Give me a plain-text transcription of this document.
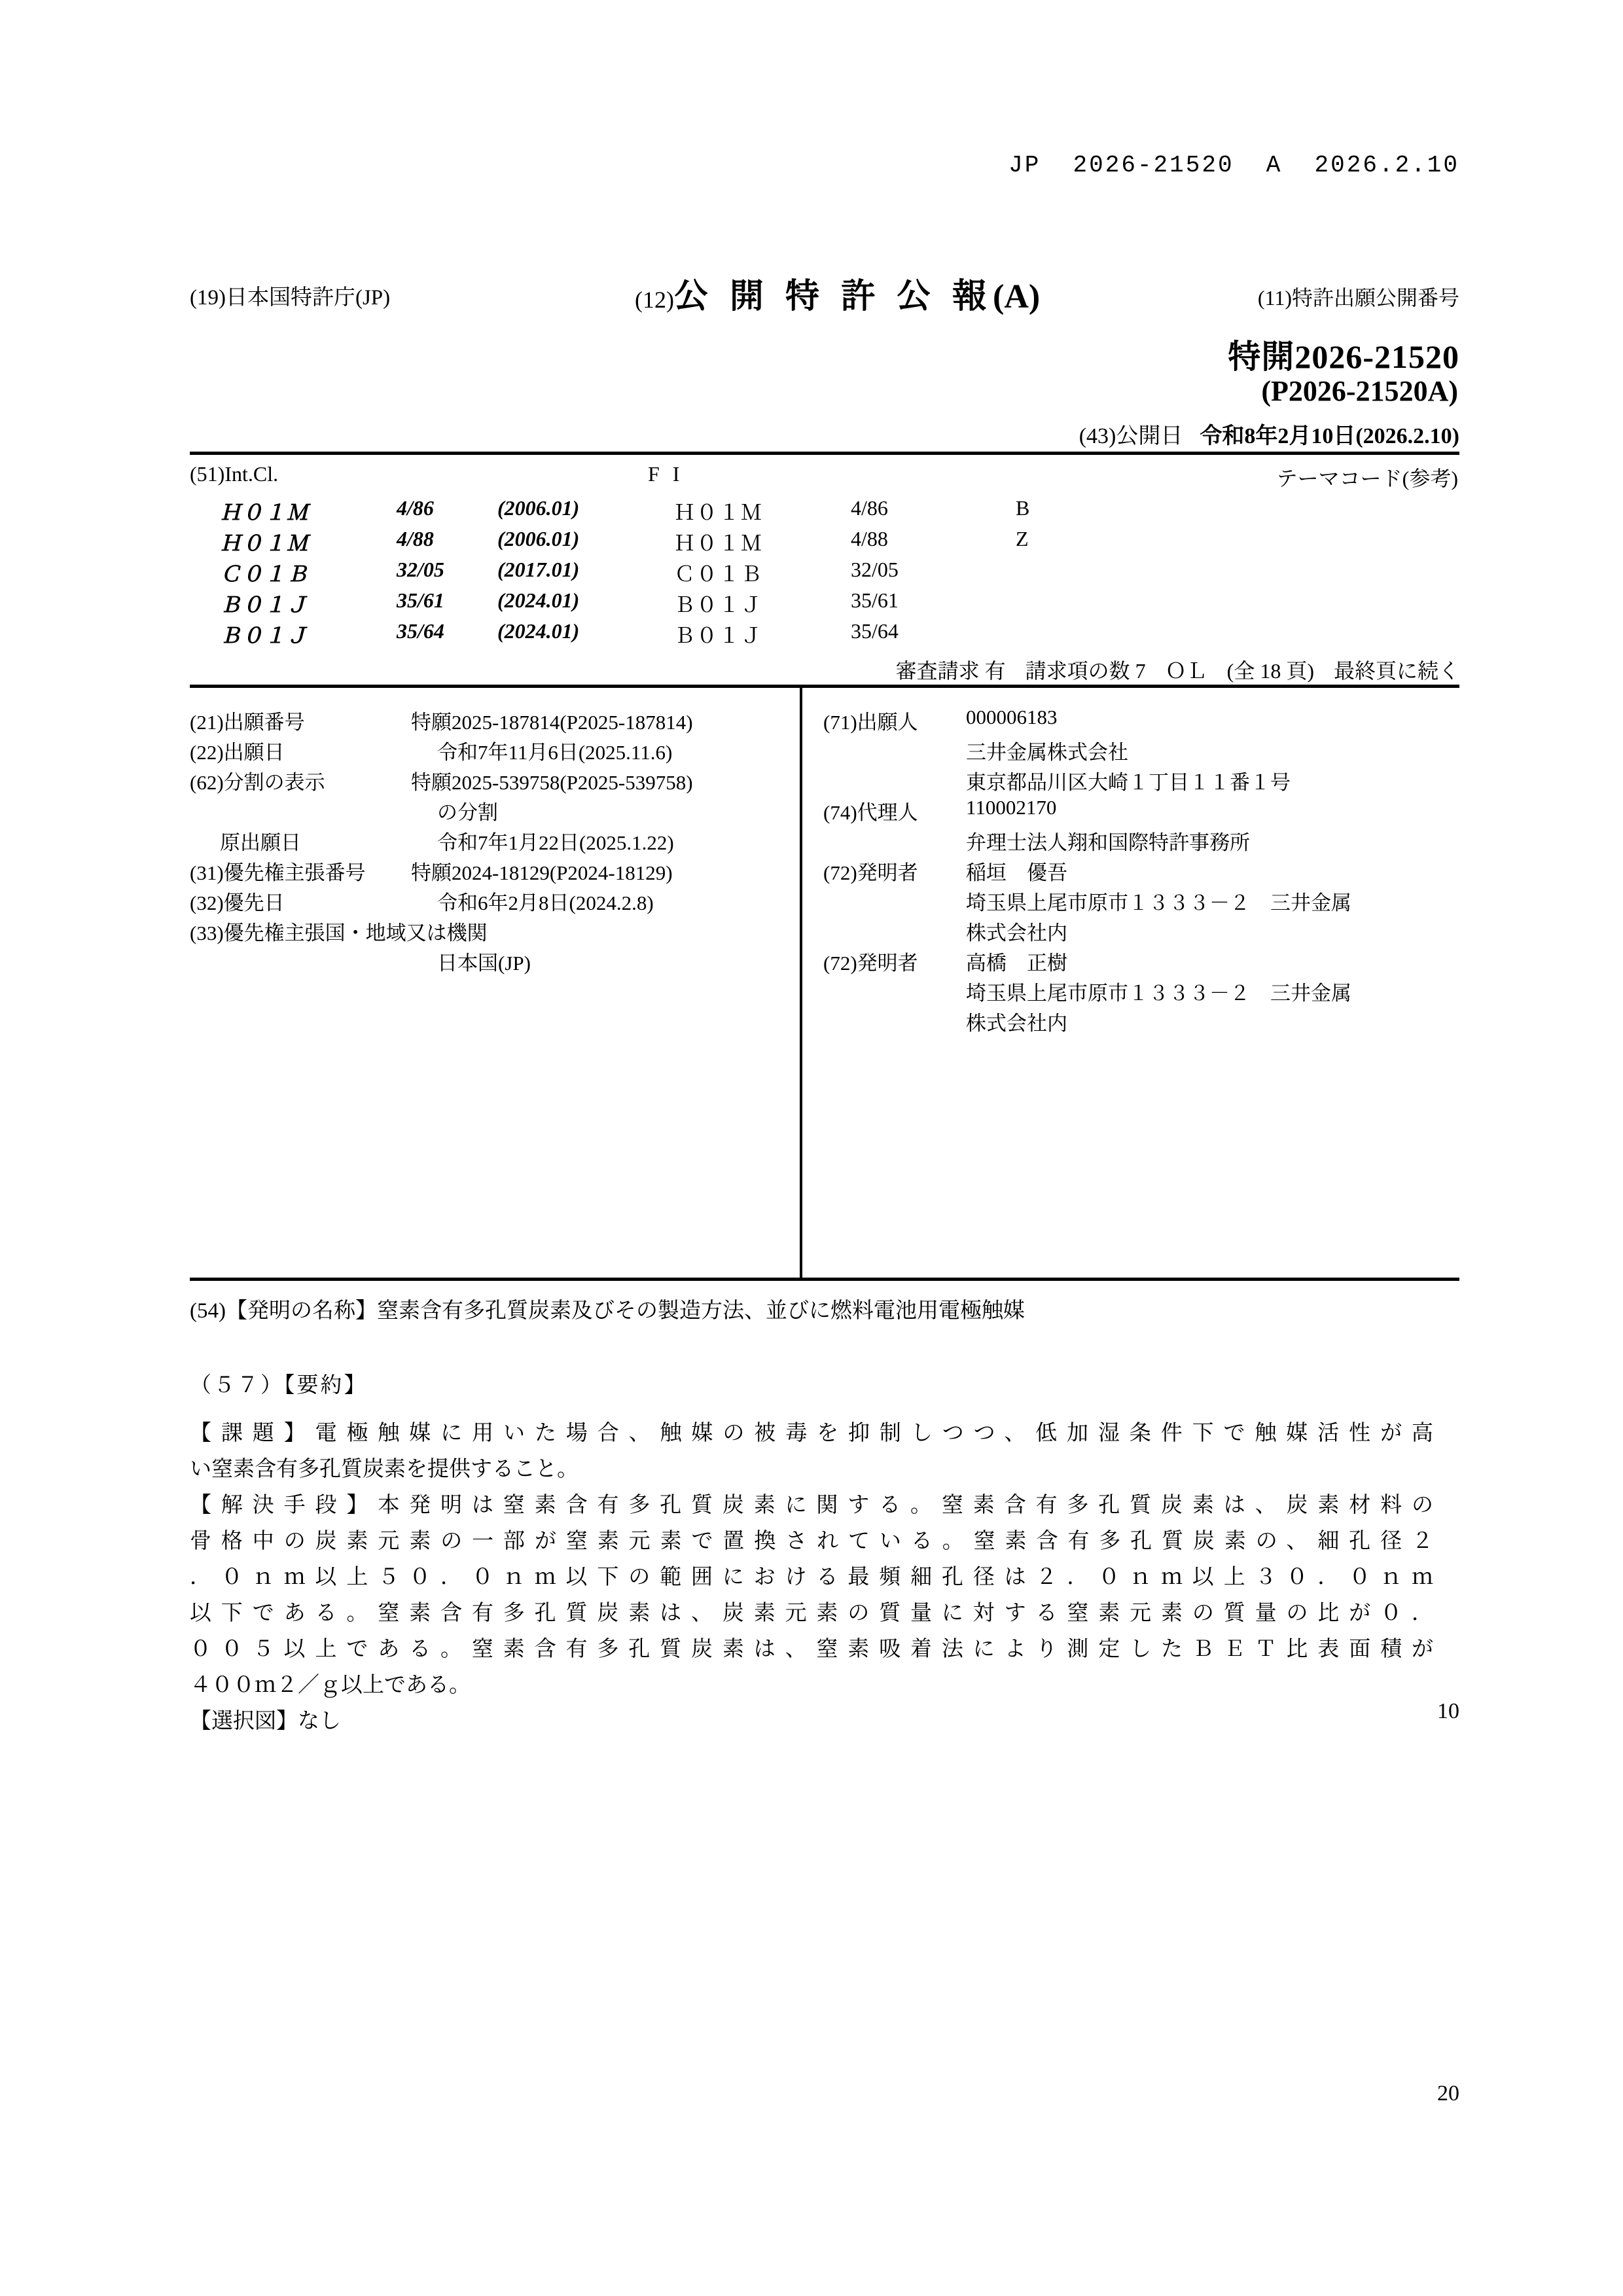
JP  2026-21520  A  2026.2.10
(19)日本国特許庁(JP)	(12)公 開 特 許 公 報(A)	(11)特許出願公開番号
特開2026-21520
(P2026-21520A)
(43)公開日 令和8年2月10日(2026.2.10)
(51)Int.Cl.	F I	テーマコード(参考)
Ｈ０１Ｍ	4/86	(2006.01)	Ｈ０１Ｍ	4/86	B
Ｈ０１Ｍ	4/88	(2006.01)	Ｈ０１Ｍ	4/88	Z
Ｃ０１Ｂ	32/05	(2017.01)	Ｃ０１Ｂ	32/05
Ｂ０１Ｊ	35/61	(2024.01)	Ｂ０１Ｊ	35/61
Ｂ０１Ｊ	35/64	(2024.01)	Ｂ０１Ｊ	35/64
審査請求 有 請求項の数 7 ＯＬ (全 18 頁) 最終頁に続く
(21)出願番号	特願2025-187814(P2025-187814)
(22)出願日	令和7年11月6日(2025.11.6)
(62)分割の表示	特願2025-539758(P2025-539758)
の分割
原出願日	令和7年1月22日(2025.1.22)
(31)優先権主張番号 特願2024-18129(P2024-18129)
(32)優先日	令和6年2月8日(2024.2.8)
(33)優先権主張国・地域又は機関
日本国(JP)
(71)出願人 000006183
三井金属株式会社
東京都品川区大崎１丁目１１番１号
(74)代理人 110002170
弁理士法人翔和国際特許事務所
(72)発明者 稲垣　優吾
埼玉県上尾市原市１３３３－２　三井金属
株式会社内
(72)発明者 高橋　正樹
埼玉県上尾市原市１３３３－２　三井金属
株式会社内
(54)【発明の名称】窒素含有多孔質炭素及びその製造方法、並びに燃料電池用電極触媒
（５７）【要約】
【課題】電極触媒に用いた場合、触媒の被毒を抑制しつつ、低加湿条件下で触媒活性が高
い窒素含有多孔質炭素を提供すること。
【解決手段】本発明は窒素含有多孔質炭素に関する。窒素含有多孔質炭素は、炭素材料の
骨格中の炭素元素の一部が窒素元素で置換されている。窒素含有多孔質炭素の、細孔径２
．０ｎｍ以上５０．０ｎｍ以下の範囲における最頻細孔径は２．０ｎｍ以上３０．０ｎｍ
以下である。窒素含有多孔質炭素は、炭素元素の質量に対する窒素元素の質量の比が０．
００５以上である。窒素含有多孔質炭素は、窒素吸着法により測定したＢＥＴ比表面積が
４００ｍ２／ｇ以上である。
【選択図】なし	10
20
